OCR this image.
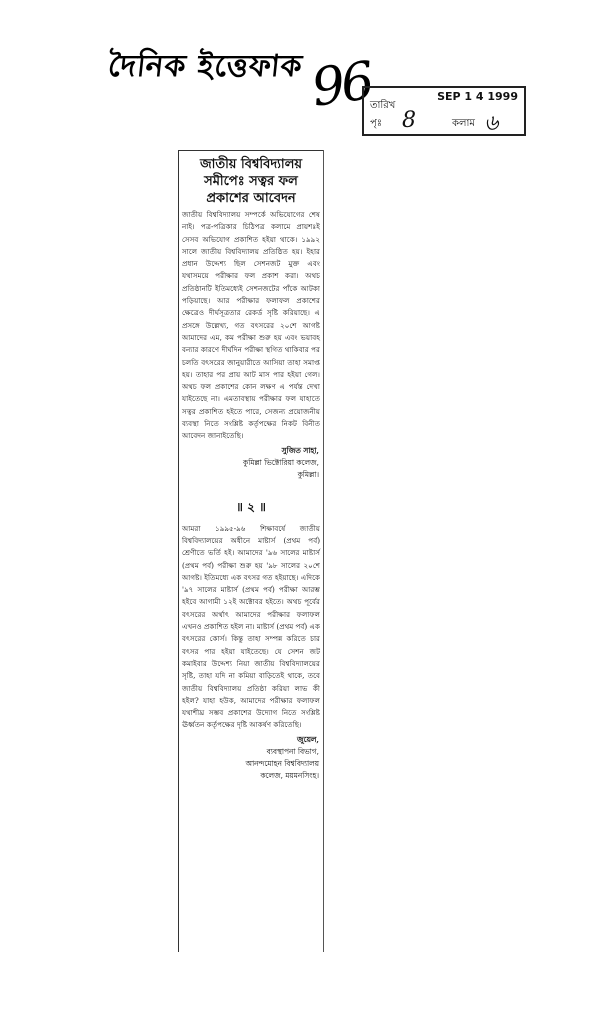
দৈনিক ইত্তেফাক 96	SEP 1 4 1999
তারিখ
পৃঃ 8	কলাম ৬
জাতীয় বিশ্ববিদ্যালয়
সমীপেঃ সত্বর ফল
প্রকাশের আবেদন

জাতীয় বিশ্ববিদ্যালয় সম্পর্কে অভিযোগের শেষ নাই। পত্র-পত্রিকার চিঠিপত্র কলামে প্রায়শঃই সেসব অভিযোগ প্রকাশিত হইয়া থাকে। ১৯৯২ সালে জাতীয় বিশ্ববিদ্যালয় প্রতিষ্ঠিত হয়। ইহার প্রধান উদ্দেশ্য ছিল সেশনজট মুক্ত এবং যথাসময়ে পরীক্ষার ফল প্রকাশ করা। অথচ প্রতিষ্ঠানটি ইতিমধ্যেই সেশনজটের পাঁকে আটকা পড়িয়াছে। আর পরীক্ষার ফলাফল প্রকাশের ক্ষেত্রেও দীর্ঘসূত্রতার রেকর্ড সৃষ্টি করিয়াছে। এ প্রসঙ্গে উল্লেখ্য, গত বৎসরের ২০শে আগষ্ট আমাদের এম, কম পরীক্ষা শুরু হয় এবং ভয়াবহ বন্যার কারণে দীর্ঘদিন পরীক্ষা স্থগিত থাকিবার পর চলতি বৎসরের জানুয়ারীতে আসিয়া তাহা সমাপ্ত হয়। তাহার পর প্রায় আট মাস পার হইয়া গেল। অথচ ফল প্রকাশের কোন লক্ষণ এ পর্যন্ত দেখা যাইতেছে না। এমতাবস্থায় পরীক্ষার ফল যাহাতে সত্বর প্রকাশিত হইতে পারে, সেজন্য প্রয়োজনীয় ব্যবস্থা নিতে সংশ্লিষ্ট কর্তৃপক্ষের নিকট বিনীত আবেদন জানাইতেছি।

সুজিত সাহা,

কুমিল্লা ভিক্টোরিয়া কলেজ,

কুমিল্লা।

॥ ২ ॥

আমরা ১৯৯৫-৯৬ শিক্ষাবর্ষে জাতীয় বিশ্ববিদ্যালয়ের অধীনে মাষ্টার্স (প্রথম পর্ব) শ্রেণীতে ভর্তি হই। আমাদের '৯৬ সালের মাষ্টার্স (প্রথম পর্ব) পরীক্ষা শুরু হয় '৯৮ সালের ২০শে আগষ্ট। ইতিমধ্যে এক বৎসর গত হইয়াছে। এদিকে '৯৭ সালের মাষ্টার্স (প্রথম পর্ব) পরীক্ষা আরম্ভ হইবে আগামী ১২ই অক্টোবর হইতে। অথচ পূর্বের বৎসরের অর্থাৎ আমাদের পরীক্ষার ফলাফল এখনও প্রকাশিত হইল না। মাষ্টার্স (প্রথম পর্ব) এক বৎসরের কোর্স। কিন্তু তাহা সম্পন্ন করিতে চার বৎসর পার হইয়া যাইতেছে। যে সেশন জট কমাইবার উদ্দেশ্য নিয়া জাতীয় বিশ্ববিদ্যালয়ের সৃষ্টি, তাহা যদি না কমিয়া বাড়িতেই থাকে, তবে জাতীয় বিশ্ববিদ্যালয় প্রতিষ্ঠা করিয়া লাভ কী হইল? যাহা হউক, আমাদের পরীক্ষার ফলাফল যথাশীঘ্র সম্ভব প্রকাশের উদ্যোগ নিতে সংশ্লিষ্ট ঊর্ধ্বতন কর্তৃপক্ষের দৃষ্টি আকর্ষণ করিতেছি।

জুয়েল,

ব্যবস্থাপনা বিভাগ,

আনন্দমোহন বিশ্ববিদ্যালয়

কলেজ, ময়মনসিংহ।
